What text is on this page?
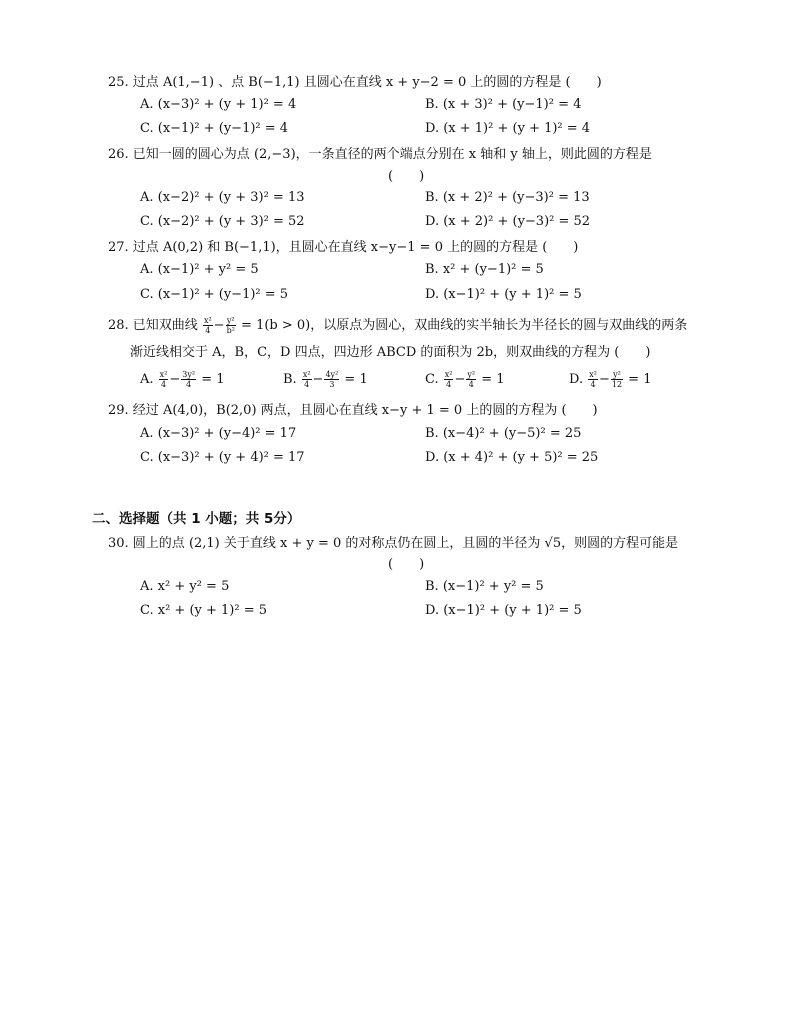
25. 过点 A(1,−1) 、点 B(−1,1) 且圆心在直线 x + y−2 = 0 上的圆的方程是 (　　)
A. (x−3)² + (y + 1)² = 4	B. (x + 3)² + (y−1)² = 4
C. (x−1)² + (y−1)² = 4	D. (x + 1)² + (y + 1)² = 4
26. 已知一圆的圆心为点 (2,−3)，一条直径的两个端点分别在 x 轴和 y 轴上，则此圆的方程是
(　　)
A. (x−2)² + (y + 3)² = 13	B. (x + 2)² + (y−3)² = 13
C. (x−2)² + (y + 3)² = 52	D. (x + 2)² + (y−3)² = 52
27. 过点 A(0,2) 和 B(−1,1)，且圆心在直线 x−y−1 = 0 上的圆的方程是 (　　)
A. (x−1)² + y² = 5	B. x² + (y−1)² = 5
C. (x−1)² + (y−1)² = 5	D. (x−1)² + (y + 1)² = 5
28. 已知双曲线 $\frac{\text{x²}}{4} - \frac{\text{y²}}{\text{b²}} = 1(b > 0)$，以原点为圆心，双曲线的实半轴长为半径长的圆与双曲线的两条
渐近线相交于 A，B，C，D 四点，四边形 ABCD 的面积为 2b，则双曲线的方程为 (　　)
A. $\frac{\text{x²}}{4} - \frac{\text{3y²}}{4} = 1$	B. $\frac{\text{x²}}{4} - \frac{\text{4y²}}{3} = 1$	C. $\frac{\text{x²}}{4} - \frac{\text{y²}}{4} = 1$	D. $\frac{\text{x²}}{4} - \frac{\text{y²}}{12} = 1$
29. 经过 A(4,0)，B(2,0) 两点，且圆心在直线 x−y + 1 = 0 上的圆的方程为 (　　)
A. (x−3)² + (y−4)² = 17	B. (x−4)² + (y−5)² = 25
C. (x−3)² + (y + 4)² = 17	D. (x + 4)² + (y + 5)² = 25
二、选择题（共 1 小题；共 5分）
30. 圆上的点 (2,1) 关于直线 x + y = 0 的对称点仍在圆上，且圆的半径为 √5，则圆的方程可能是
(　　)
A. x² + y² = 5	B. (x−1)² + y² = 5
C. x² + (y + 1)² = 5	D. (x−1)² + (y + 1)² = 5
